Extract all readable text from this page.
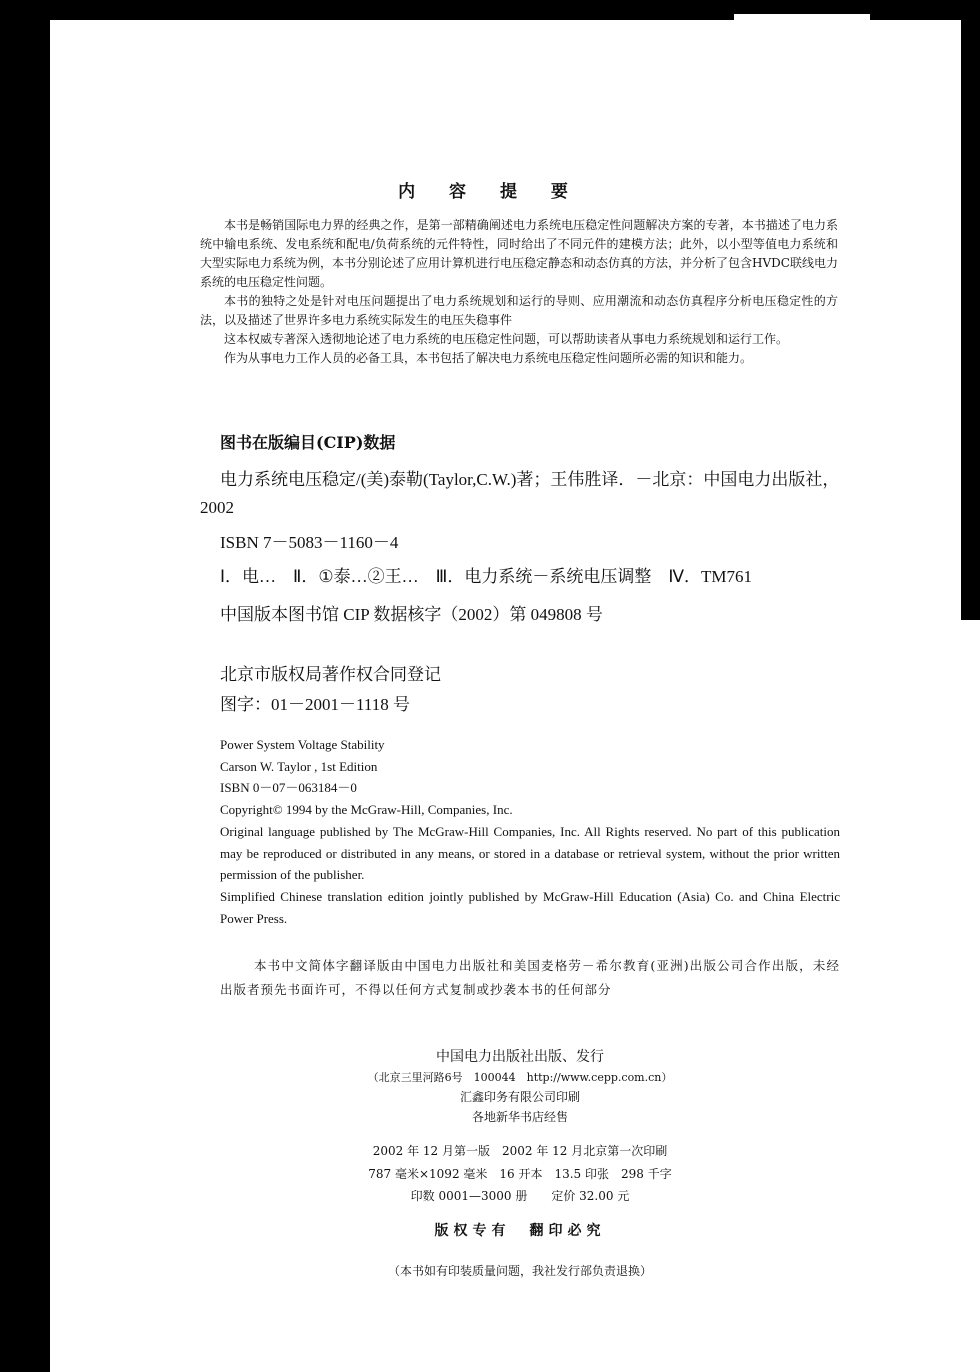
内 容 提 要

本书是畅销国际电力界的经典之作，是第一部精确阐述电力系统电压稳定性问题解决方案的专著，本书描述了电力系统中输电系统、发电系统和配电/负荷系统的元件特性，同时给出了不同元件的建模方法；此外，以小型等值电力系统和大型实际电力系统为例，本书分别论述了应用计算机进行电压稳定静态和动态仿真的方法，并分析了包含HVDC联线电力系统的电压稳定性问题。

本书的独特之处是针对电压问题提出了电力系统规划和运行的导则、应用潮流和动态仿真程序分析电压稳定性的方法，以及描述了世界许多电力系统实际发生的电压失稳事件

这本权威专著深入透彻地论述了电力系统的电压稳定性问题，可以帮助读者从事电力系统规划和运行工作。

作为从事电力工作人员的必备工具，本书包括了解决电力系统电压稳定性问题所必需的知识和能力。

图书在版编目(CIP)数据
电力系统电压稳定/(美)泰勒(Taylor,C.W.)著；王伟胜译．－北京：中国电力出版社，2002
ISBN 7－5083－1160－4
Ⅰ．电…　Ⅱ．①泰…②王…　Ⅲ．电力系统－系统电压调整　Ⅳ．TM761
中国版本图书馆 CIP 数据核字（2002）第 049808 号
北京市版权局著作权合同登记
图字：01－2001－1118 号
Power System Voltage Stability
Carson W. Taylor , 1st Edition
ISBN 0－07－063184－0
Copyright© 1994 by the McGraw-Hill, Companies, Inc.
Original language published by The McGraw-Hill Companies, Inc. All Rights reserved. No part of this publication may be reproduced or distributed in any means, or stored in a database or retrieval system, without the prior written permission of the publisher.
Simplified Chinese translation edition jointly published by McGraw-Hill Education (Asia) Co. and China Electric Power Press.
本书中文简体字翻译版由中国电力出版社和美国麦格劳－希尔教育(亚洲)出版公司合作出版，未经出版者预先书面许可，不得以任何方式复制或抄袭本书的任何部分
中国电力出版社出版、发行
（北京三里河路6号　100044　http://www.cepp.com.cn）
汇鑫印务有限公司印刷
各地新华书店经售
2002 年 12 月第一版　2002 年 12 月北京第一次印刷
787 毫米×1092 毫米　16 开本　13.5 印张　298 千字
印数 0001—3000 册　　定价 32.00 元
版权专有　翻印必究
（本书如有印装质量问题，我社发行部负责退换）
